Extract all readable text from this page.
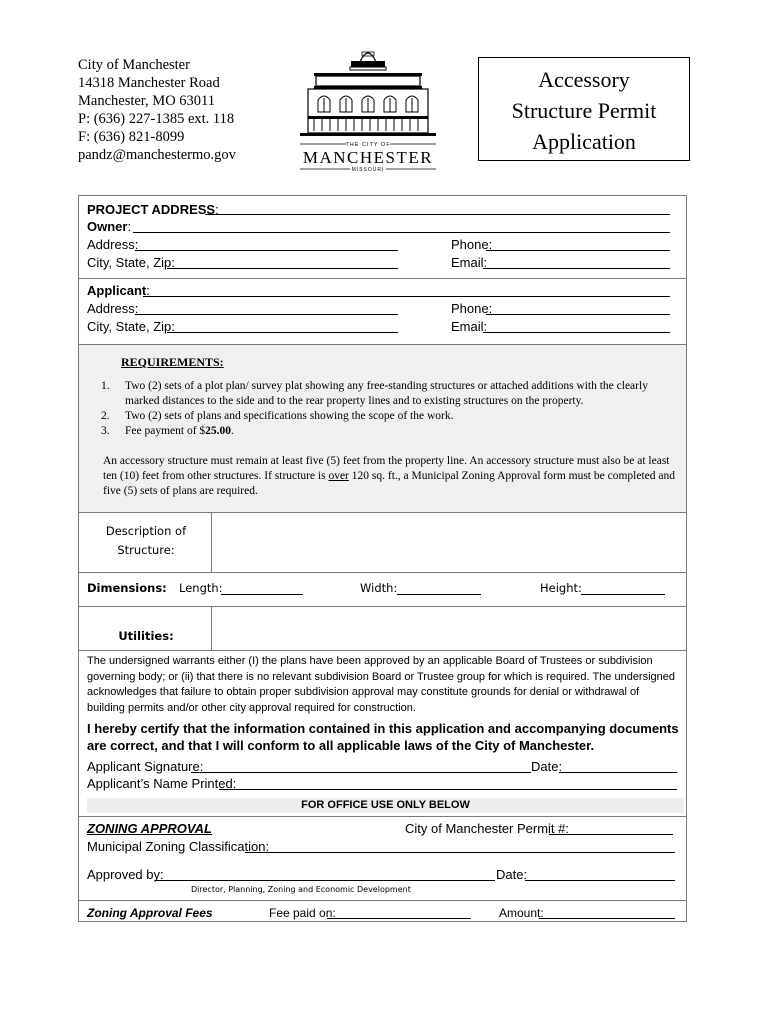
City of Manchester
14318 Manchester Road
Manchester, MO 63011
P: (636) 227-1385 ext. 118
F: (636) 821-8099
pandz@manchestermo.gov
THE CITY OF
MANCHESTER
MISSOURI
Accessory
Structure Permit
Application
PROJECT ADDRESS:
Owner:
Address:	Phone:
City, State, Zip:	Email:
Applicant:
Address:	Phone:
City, State, Zip:	Email:
REQUIREMENTS:
1.	Two (2) sets of a plot plan/ survey plat showing any free-standing structures or attached additions with the clearly marked distances to the side and to the rear property lines and to existing structures on the property.
2.	Two (2) sets of plans and specifications showing the scope of the work.
3.	Fee payment of $25.00.
An accessory structure must remain at least five (5) feet from the property line. An accessory structure must also be at least ten (10) feet from other structures. If structure is over 120 sq. ft., a Municipal Zoning Approval form must be completed and five (5) sets of plans are required.
Description of
Structure:
Dimensions: Length:	Width:	Height:
Utilities:
The undersigned warrants either (I) the plans have been approved by an applicable Board of Trustees or subdivision governing body; or (ii) that there is no relevant subdivision Board or Trustee group for which is required. The undersigned acknowledges that failure to obtain proper subdivision approval may constitute grounds for denial or withdrawal of building permits and/or other city approval required for construction.
I hereby certify that the information contained in this application and accompanying documents are correct, and that I will conform to all applicable laws of the City of Manchester.
Applicant Signature:	Date:
Applicant’s Name Printed:
FOR OFFICE USE ONLY BELOW
ZONING APPROVAL	City of Manchester Permit #:
Municipal Zoning Classification:
Approved by:	Date:
Director, Planning, Zoning and Economic Development
Zoning Approval Fees	Fee paid on:	Amount:
